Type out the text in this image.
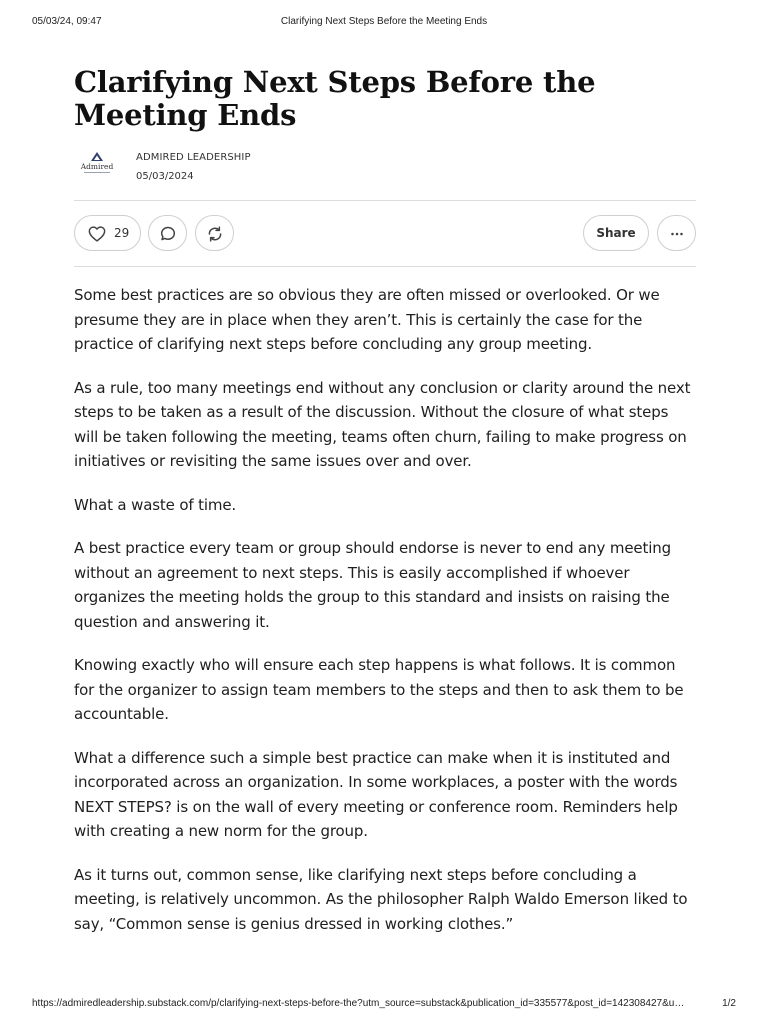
05/03/24, 09:47	Clarifying Next Steps Before the Meeting Ends
Clarifying Next Steps Before the Meeting Ends
Admired
ADMIRED LEADERSHIP
05/03/2024
29	Share

Some best practices are so obvious they are often missed or overlooked. Or we presume they are in place when they aren’t. This is certainly the case for the practice of clarifying next steps before concluding any group meeting.

As a rule, too many meetings end without any conclusion or clarity around the next steps to be taken as a result of the discussion. Without the closure of what steps will be taken following the meeting, teams often churn, failing to make progress on initiatives or revisiting the same issues over and over.

What a waste of time.

A best practice every team or group should endorse is never to end any meeting without an agreement to next steps. This is easily accomplished if whoever organizes the meeting holds the group to this standard and insists on raising the question and answering it.

Knowing exactly who will ensure each step happens is what follows. It is common for the organizer to assign team members to the steps and then to ask them to be accountable.

What a difference such a simple best practice can make when it is instituted and incorporated across an organization. In some workplaces, a poster with the words NEXT STEPS? is on the wall of every meeting or conference room. Reminders help with creating a new norm for the group.

As it turns out, common sense, like clarifying next steps before concluding a meeting, is relatively uncommon. As the philosopher Ralph Waldo Emerson liked to say, “Common sense is genius dressed in working clothes.”

https://admiredleadership.substack.com/p/clarifying-next-steps-before-the?utm_source=substack&publication_id=335577&post_id=142308427&u…	1/2
